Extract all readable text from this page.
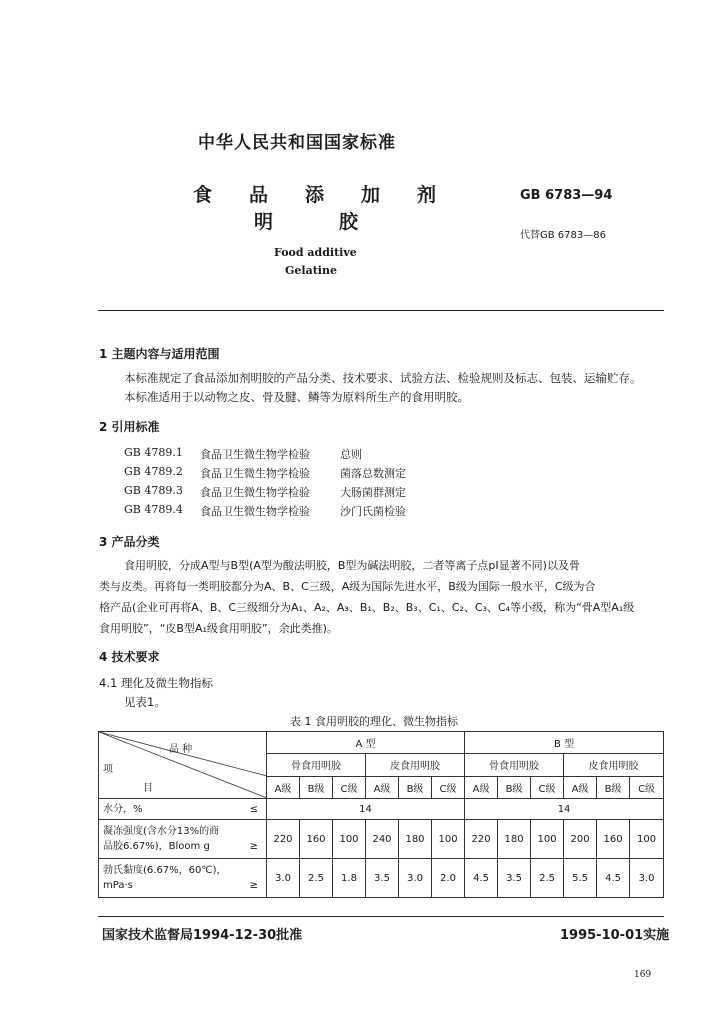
中华人民共和国国家标准
食 品 添 加 剂
明	胶
GB 6783—94
代替GB 6783—86
Food additive
Gelatine
1 主题内容与适用范围
本标准规定了食品添加剂明胶的产品分类、技术要求、试验方法、检验规则及标志、包装、运输贮存。
本标准适用于以动物之皮、骨及腱、鳞等为原料所生产的食用明胶。
2 引用标准
GB 4789.1 食品卫生微生物学检验	总则
GB 4789.2 食品卫生微生物学检验	菌落总数测定
GB 4789.3 食品卫生微生物学检验	大肠菌群测定
GB 4789.4 食品卫生微生物学检验	沙门氏菌检验
3 产品分类
食用明胶，分成A型与B型(A型为酸法明胶，B型为碱法明胶，二者等离子点pI显著不同)以及骨
类与皮类。再将每一类明胶都分为A、B、C三级，A级为国际先进水平，B级为国际一般水平，C级为合
格产品(企业可再将A、B、C三级细分为A₁、A₂、A₃、B₁、B₂、B₃、C₁、C₂、C₃、C₄等小级，称为“骨A型A₁级
食用明胶”，“皮B型A₁级食用明胶”，余此类推)。
4 技术要求
4.1 理化及微生物指标
见表1。
表 1 食用明胶的理化、微生物指标
品 种
项
目	A 型						B 型					
	骨食用明胶			皮食用明胶			骨食用明胶			皮食用明胶		
	A级	B级	C级	A级	B级	C级	A级	B级	C级	A级	B级	C级

水分，% ≤	14						14					

凝冻强度(含水分13%的商
品胶6.67%)，Bloom g ≥	220	160	100	240	180	100	220	180	100	200	160	100

勃氏黏度(6.67%，60℃)，
mPa·s ≥	3.0	2.5	1.8	3.5	3.0	2.0	4.5	3.5	2.5	5.5	4.5	3.0
国家技术监督局1994-12-30批准	1995-10-01实施
169
